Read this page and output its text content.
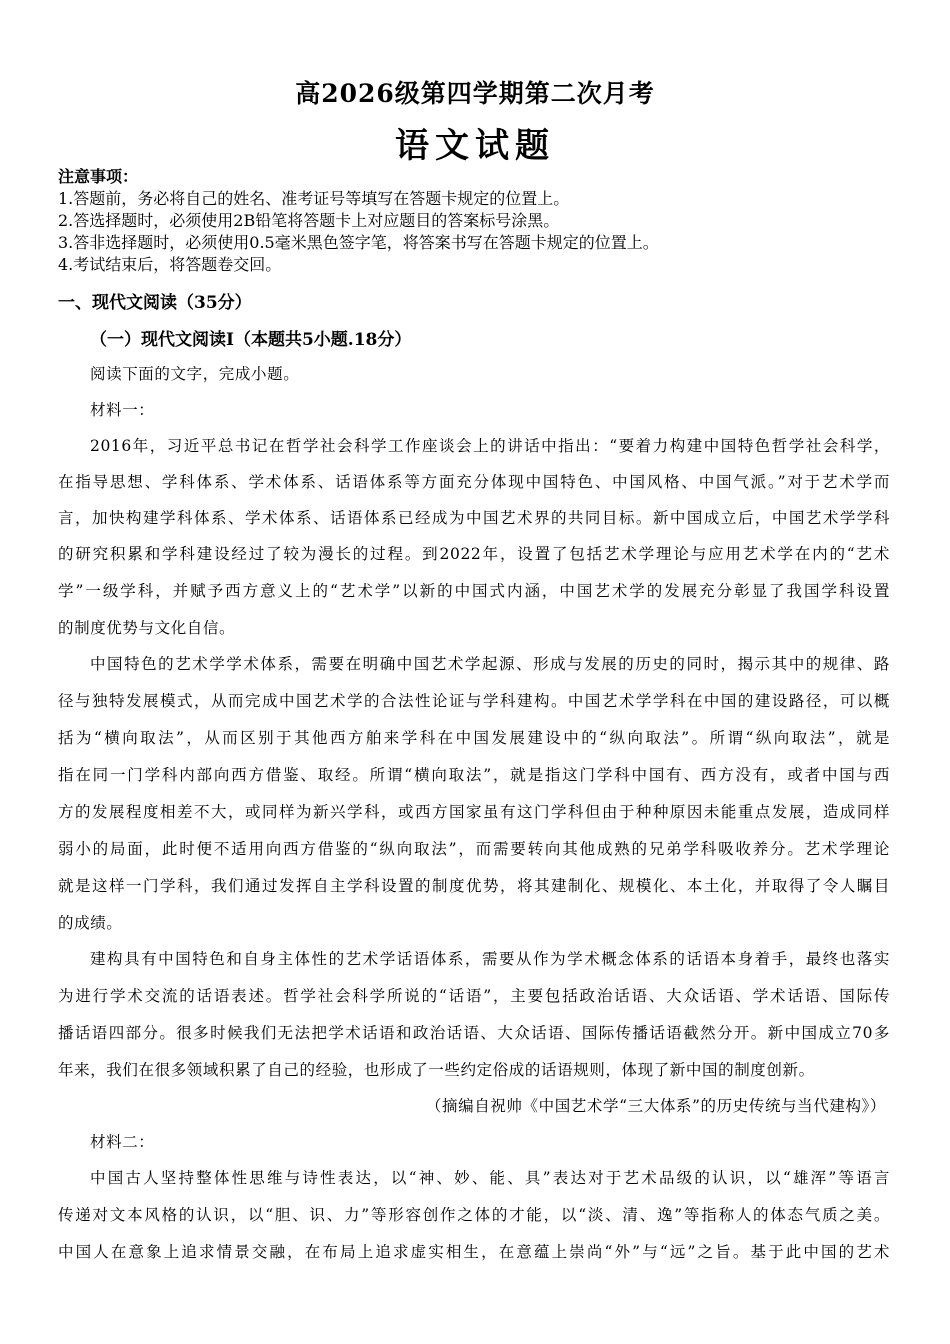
高2026级第四学期第二次月考
语文试题
注意事项：
1.答题前，务必将自己的姓名、准考证号等填写在答题卡规定的位置上。
2.答选择题时，必须使用2B铅笔将答题卡上对应题目的答案标号涂黑。
3.答非选择题时，必须使用0.5毫米黑色签字笔，将答案书写在答题卡规定的位置上。
4.考试结束后，将答题卷交回。
一、现代文阅读（35分）
（一）现代文阅读Ⅰ（本题共5小题.18分）
阅读下面的文字，完成小题。
材料一：
2016年，习近平总书记在哲学社会科学工作座谈会上的讲话中指出：“要着力构建中国特色哲学社会科学，
在指导思想、学科体系、学术体系、话语体系等方面充分体现中国特色、中国风格、中国气派。”对于艺术学而
言，加快构建学科体系、学术体系、话语体系已经成为中国艺术界的共同目标。新中国成立后，中国艺术学学科
的研究积累和学科建设经过了较为漫长的过程。到2022年，设置了包括艺术学理论与应用艺术学在内的“艺术
学”一级学科，并赋予西方意义上的“艺术学”以新的中国式内涵，中国艺术学的发展充分彰显了我国学科设置
的制度优势与文化自信。
中国特色的艺术学学术体系，需要在明确中国艺术学起源、形成与发展的历史的同时，揭示其中的规律、路
径与独特发展模式，从而完成中国艺术学的合法性论证与学科建构。中国艺术学学科在中国的建设路径，可以概
括为“横向取法”，从而区别于其他西方舶来学科在中国发展建设中的“纵向取法”。所谓“纵向取法”，就是
指在同一门学科内部向西方借鉴、取经。所谓“横向取法”，就是指这门学科中国有、西方没有，或者中国与西
方的发展程度相差不大，或同样为新兴学科，或西方国家虽有这门学科但由于种种原因未能重点发展，造成同样
弱小的局面，此时便不适用向西方借鉴的“纵向取法”，而需要转向其他成熟的兄弟学科吸收养分。艺术学理论
就是这样一门学科，我们通过发挥自主学科设置的制度优势，将其建制化、规模化、本土化，并取得了令人瞩目
的成绩。
建构具有中国特色和自身主体性的艺术学话语体系，需要从作为学术概念体系的话语本身着手，最终也落实
为进行学术交流的话语表述。哲学社会科学所说的“话语”，主要包括政治话语、大众话语、学术话语、国际传
播话语四部分。很多时候我们无法把学术话语和政治话语、大众话语、国际传播话语截然分开。新中国成立70多
年来，我们在很多领域积累了自己的经验，也形成了一些约定俗成的话语规则，体现了新中国的制度创新。
（摘编自祝帅《中国艺术学“三大体系”的历史传统与当代建构》）
材料二：
中国古人坚持整体性思维与诗性表达，以“神、妙、能、具”表达对于艺术品级的认识，以“雄浑”等语言
传递对文本风格的认识，以“胆、识、力”等形容创作之体的才能，以“淡、清、逸”等指称人的体态气质之美。
中国人在意象上追求情景交融，在布局上追求虚实相生，在意蕴上崇尚“外”与“远”之旨。基于此中国的艺术
